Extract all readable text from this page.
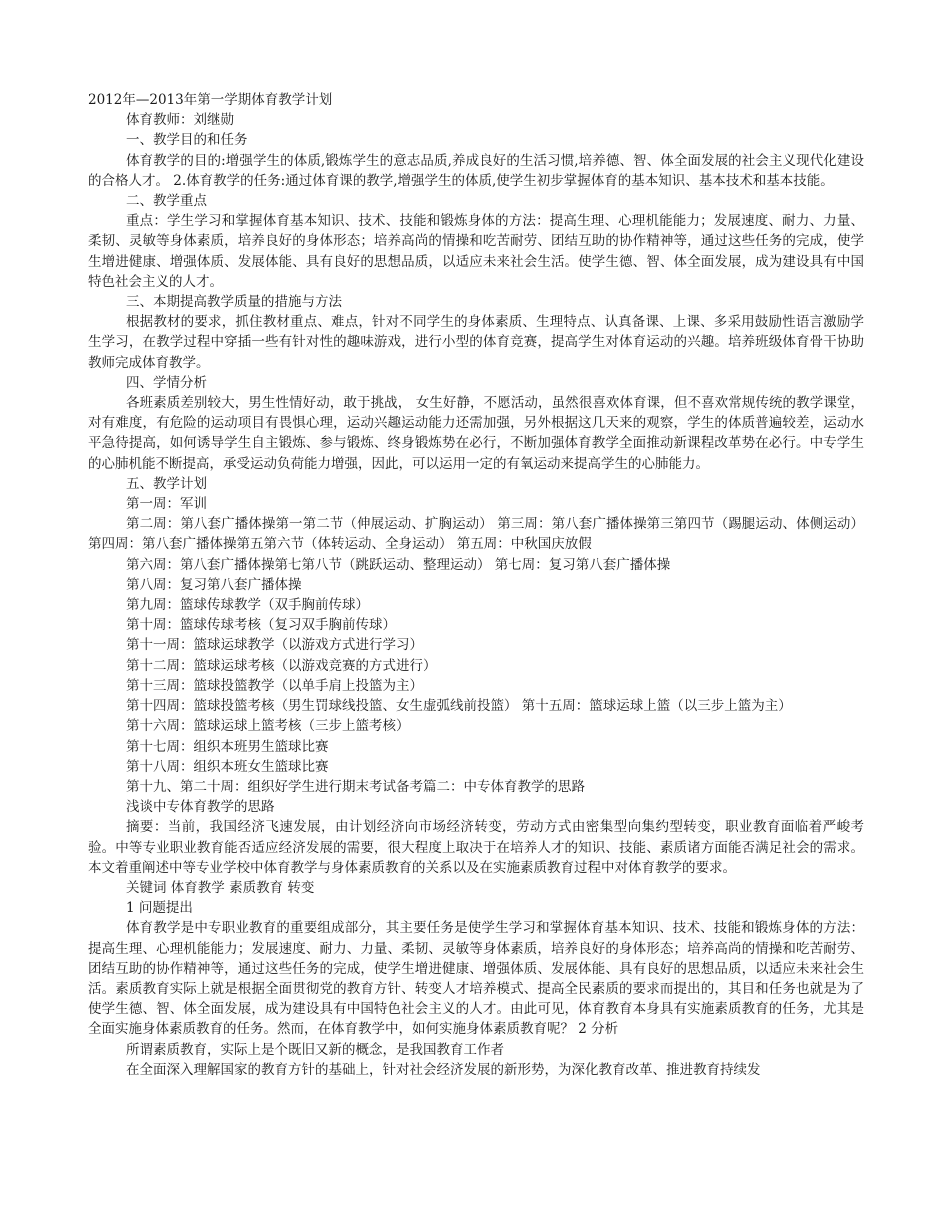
2012年—2013年第一学期体育教学计划

体育教师：刘继勋

一、教学目的和任务

体育教学的目的:增强学生的体质,锻炼学生的意志品质,养成良好的生活习惯,培养德、智、体全面发展的社会主义现代化建设的合格人才。 2.体育教学的任务:通过体育课的教学,增强学生的体质,使学生初步掌握体育的基本知识、基本技术和基本技能。

二、教学重点

重点：学生学习和掌握体育基本知识、技术、技能和锻炼身体的方法：提高生理、心理机能能力；发展速度、耐力、力量、柔韧、灵敏等身体素质，培养良好的身体形态；培养高尚的情操和吃苦耐劳、团结互助的协作精神等，通过这些任务的完成，使学生增进健康、增强体质、发展体能、具有良好的思想品质，以适应未来社会生活。使学生德、智、体全面发展，成为建设具有中国特色社会主义的人才。

三、本期提高教学质量的措施与方法

根据教材的要求，抓住教材重点、难点，针对不同学生的身体素质、生理特点、认真备课、上课、多采用鼓励性语言激励学生学习，在教学过程中穿插一些有针对性的趣味游戏，进行小型的体育竞赛，提高学生对体育运动的兴趣。培养班级体育骨干协助教师完成体育教学。

四、学情分析

各班素质差别较大，男生性情好动，敢于挑战， 女生好静，不愿活动，虽然很喜欢体育课，但不喜欢常规传统的教学课堂，对有难度，有危险的运动项目有畏惧心理，运动兴趣运动能力还需加强，另外根据这几天来的观察，学生的体质普遍较差，运动水平急待提高，如何诱导学生自主锻炼、参与锻炼、终身锻炼势在必行，不断加强体育教学全面推动新课程改革势在必行。中专学生的心肺机能不断提高，承受运动负荷能力增强，因此，可以运用一定的有氧运动来提高学生的心肺能力。

五、教学计划

第一周：军训

第二周：第八套广播体操第一第二节（伸展运动、扩胸运动） 第三周：第八套广播体操第三第四节（踢腿运动、体侧运动） 第四周：第八套广播体操第五第六节（体转运动、全身运动） 第五周：中秋国庆放假

第六周：第八套广播体操第七第八节（跳跃运动、整理运动） 第七周：复习第八套广播体操

第八周：复习第八套广播体操

第九周：篮球传球教学（双手胸前传球）

第十周：篮球传球考核（复习双手胸前传球）

第十一周：篮球运球教学（以游戏方式进行学习）

第十二周：篮球运球考核（以游戏竞赛的方式进行）

第十三周：篮球投篮教学（以单手肩上投篮为主）

第十四周：篮球投篮考核（男生罚球线投篮、女生虚弧线前投篮） 第十五周：篮球运球上篮（以三步上篮为主）

第十六周：篮球运球上篮考核（三步上篮考核）

第十七周：组织本班男生篮球比赛

第十八周：组织本班女生篮球比赛

第十九、第二十周：组织好学生进行期末考试备考篇二：中专体育教学的思路

浅谈中专体育教学的思路

摘要：当前，我国经济飞速发展，由计划经济向市场经济转变，劳动方式由密集型向集约型转变，职业教育面临着严峻考验。中等专业职业教育能否适应经济发展的需要，很大程度上取决于在培养人才的知识、技能、素质诸方面能否满足社会的需求。本文着重阐述中等专业学校中体育教学与身体素质教育的关系以及在实施素质教育过程中对体育教学的要求。

关键词 体育教学 素质教育 转变

1 问题提出

体育教学是中专职业教育的重要组成部分，其主要任务是使学生学习和掌握体育基本知识、技术、技能和锻炼身体的方法：提高生理、心理机能能力；发展速度、耐力、力量、柔韧、灵敏等身体素质，培养良好的身体形态；培养高尚的情操和吃苦耐劳、团结互助的协作精神等，通过这些任务的完成，使学生增进健康、增强体质、发展体能、具有良好的思想品质，以适应未来社会生活。素质教育实际上就是根据全面贯彻党的教育方针、转变人才培养模式、提高全民素质的要求而提出的，其目和任务也就是为了使学生德、智、体全面发展，成为建设具有中国特色社会主义的人才。由此可见，体育教育本身具有实施素质教育的任务，尤其是全面实施身体素质教育的任务。然而，在体育教学中，如何实施身体素质教育呢？ 2 分析

所谓素质教育，实际上是个既旧又新的概念，是我国教育工作者

在全面深入理解国家的教育方针的基础上，针对社会经济发展的新形势，为深化教育改革、推进教育持续发
